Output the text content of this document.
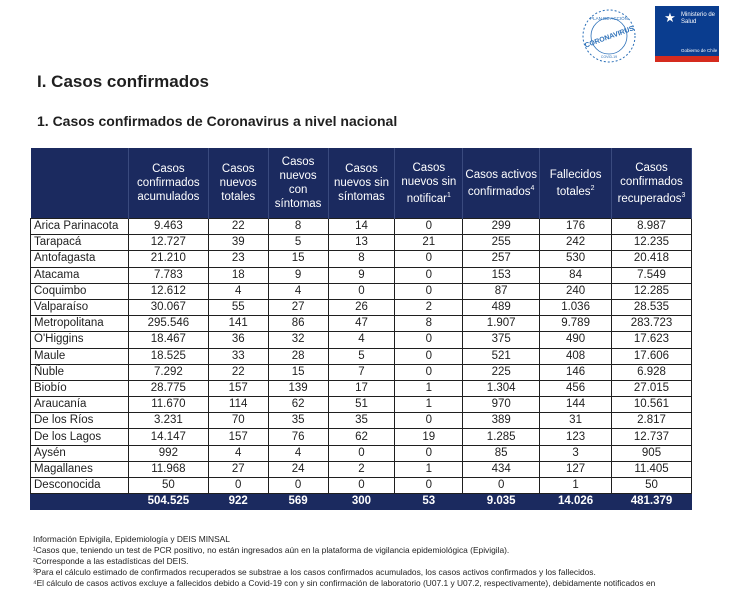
PLAN DE ACCIÓN
CORONAVIRUS
COVID-19
★ Ministerio de
Salud
Gobierno de Chile
I. Casos confirmados
1. Casos confirmados de Coronavirus a nivel nacional
	Casos confirmados acumulados	Casos nuevos totales	Casos nuevos con síntomas	Casos nuevos sin síntomas	Casos nuevos sin notificar$^1$	Casos activos confirmados$^4$	Fallecidos totales$^2$	Casos confirmados recuperados$^3$
Arica Parinacota	9.463	22	8	14	0	299	176	8.987
Tarapacá	12.727	39	5	13	21	255	242	12.235
Antofagasta	21.210	23	15	8	0	257	530	20.418
Atacama	7.783	18	9	9	0	153	84	7.549
Coquimbo	12.612	4	4	0	0	87	240	12.285
Valparaíso	30.067	55	27	26	2	489	1.036	28.535
Metropolitana	295.546	141	86	47	8	1.907	9.789	283.723
O'Higgins	18.467	36	32	4	0	375	490	17.623
Maule	18.525	33	28	5	0	521	408	17.606
Ñuble	7.292	22	15	7	0	225	146	6.928
Biobío	28.775	157	139	17	1	1.304	456	27.015
Araucanía	11.670	114	62	51	1	970	144	10.561
De los Ríos	3.231	70	35	35	0	389	31	2.817
De los Lagos	14.147	157	76	62	19	1.285	123	12.737
Aysén	992	4	4	0	0	85	3	905
Magallanes	11.968	27	24	2	1	434	127	11.405
Desconocida	50	0	0	0	0	0	1	50
	504.525	922	569	300	53	9.035	14.026	481.379
Información Epivigila, Epidemiología y DEIS MINSAL
¹Casos que, teniendo un test de PCR positivo, no están ingresados aún en la plataforma de vigilancia epidemiológica (Epivigila).
²Corresponde a las estadísticas del DEIS.
³Para el cálculo estimado de confirmados recuperados se substrae a los casos confirmados acumulados, los casos activos confirmados y los fallecidos.
⁴El cálculo de casos activos excluye a fallecidos debido a Covid-19 con y sin confirmación de laboratorio (U07.1 y U07.2, respectivamente), debidamente notificados en
